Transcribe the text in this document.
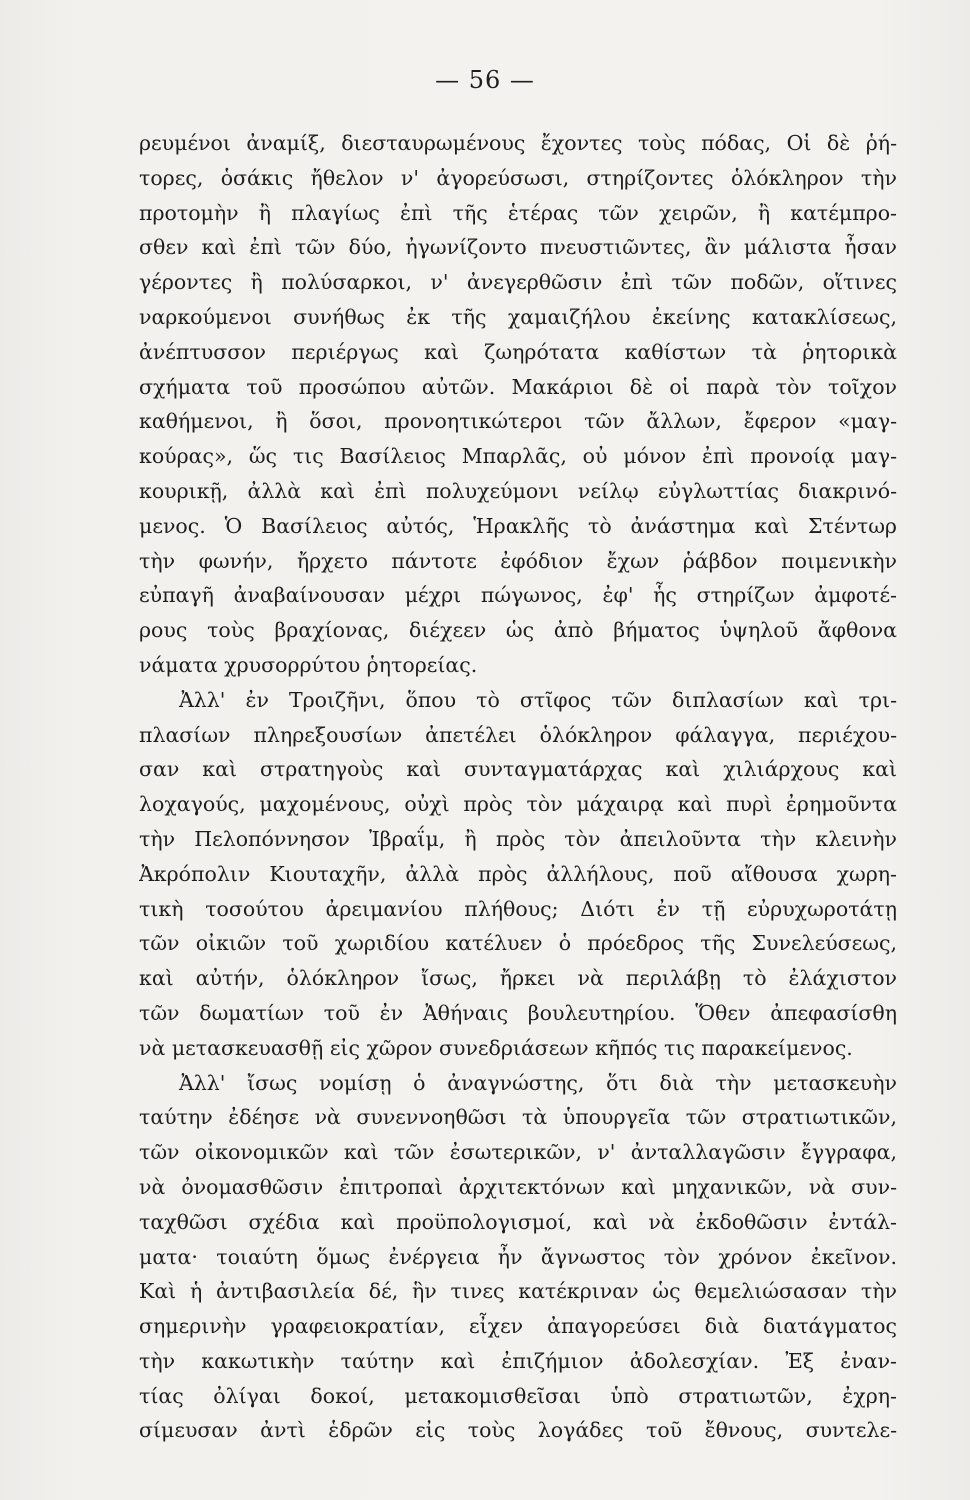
— 56 —
ρευμένοι ἀναμίξ, διεσταυρωμένους ἔχοντες τοὺς πόδας, Οἱ δὲ ῥή-
τορες, ὁσάκις ἤθελον ν' ἀγορεύσωσι, στηρίζοντες ὁλόκληρον τὴν
προτομὴν ἢ πλαγίως ἐπὶ τῆς ἑτέρας τῶν χειρῶν, ἢ κατέμπρο-
σθεν καὶ ἐπὶ τῶν δύο, ἠγωνίζοντο πνευστιῶντες, ἂν μάλιστα ἦσαν
γέροντες ἢ πολύσαρκοι, ν' ἀνεγερθῶσιν ἐπὶ τῶν ποδῶν, οἵτινες
ναρκούμενοι συνήθως ἐκ τῆς χαμαιζήλου ἐκείνης κατακλίσεως,
ἀνέπτυσσον περιέργως καὶ ζωηρότατα καθίστων τὰ ῥητορικὰ
σχήματα τοῦ προσώπου αὐτῶν. Μακάριοι δὲ οἱ παρὰ τὸν τοῖχον
καθήμενοι, ἢ ὅσοι, προνοητικώτεροι τῶν ἄλλων, ἔφερον «μαγ-
κούρας», ὥς τις Βασίλειος Μπαρλᾶς, οὐ μόνον ἐπὶ προνοίᾳ μαγ-
κουρικῇ, ἀλλὰ καὶ ἐπὶ πολυχεύμονι νείλῳ εὐγλωττίας διακρινό-
μενος. Ὁ Βασίλειος αὐτός, Ἡρακλῆς τὸ ἀνάστημα καὶ Στέντωρ
τὴν φωνήν, ἤρχετο πάντοτε ἐφόδιον ἔχων ῥάβδον ποιμενικὴν
εὐπαγῆ ἀναβαίνουσαν μέχρι πώγωνος, ἐφ' ἧς στηρίζων ἀμφοτέ-
ρους τοὺς βραχίονας, διέχεεν ὡς ἀπὸ βήματος ὑψηλοῦ ἄφθονα
νάματα χρυσορρύτου ῥητορείας.
Ἀλλ' ἐν Τροιζῆνι, ὅπου τὸ στῖφος τῶν διπλασίων καὶ τρι-
πλασίων πληρεξουσίων ἀπετέλει ὁλόκληρον φάλαγγα, περιέχου-
σαν καὶ στρατηγοὺς καὶ συνταγματάρχας καὶ χιλιάρχους καὶ
λοχαγούς, μαχομένους, οὐχὶ πρὸς τὸν μάχαιρᾳ καὶ πυρὶ ἐρημοῦντα
τὴν Πελοπόννησον Ἰβραΐμ, ἢ πρὸς τὸν ἀπειλοῦντα τὴν κλεινὴν
Ἀκρόπολιν Κιουταχῆν, ἀλλὰ πρὸς ἀλλήλους, ποῦ αἴθουσα χωρη-
τικὴ τοσούτου ἀρειμανίου πλήθους; Διότι ἐν τῇ εὐρυχωροτάτῃ
τῶν οἰκιῶν τοῦ χωριδίου κατέλυεν ὁ πρόεδρος τῆς Συνελεύσεως,
καὶ αὐτήν, ὁλόκληρον ἴσως, ἤρκει νὰ περιλάβῃ τὸ ἐλάχιστον
τῶν δωματίων τοῦ ἐν Ἀθήναις βουλευτηρίου. Ὅθεν ἀπεφασίσθη
νὰ μετασκευασθῇ εἰς χῶρον συνεδριάσεων κῆπός τις παρακείμενος.
Ἀλλ' ἴσως νομίσῃ ὁ ἀναγνώστης, ὅτι διὰ τὴν μετασκευὴν
ταύτην ἐδέησε νὰ συνεννοηθῶσι τὰ ὑπουργεῖα τῶν στρατιωτικῶν,
τῶν οἰκονομικῶν καὶ τῶν ἐσωτερικῶν, ν' ἀνταλλαγῶσιν ἔγγραφα,
νὰ ὀνομασθῶσιν ἐπιτροπαὶ ἀρχιτεκτόνων καὶ μηχανικῶν, νὰ συν-
ταχθῶσι σχέδια καὶ προϋπολογισμοί, καὶ νὰ ἐκδοθῶσιν ἐντάλ-
ματα· τοιαύτη ὅμως ἐνέργεια ἦν ἄγνωστος τὸν χρόνον ἐκεῖνον.
Καὶ ἡ ἀντιβασιλεία δέ, ἣν τινες κατέκριναν ὡς θεμελιώσασαν τὴν
σημερινὴν γραφειοκρατίαν, εἶχεν ἀπαγορεύσει διὰ διατάγματος
τὴν κακωτικὴν ταύτην καὶ ἐπιζήμιον ἀδολεσχίαν. Ἐξ ἐναν-
τίας ὀλίγαι δοκοί, μετακομισθεῖσαι ὑπὸ στρατιωτῶν, ἐχρη-
σίμευσαν ἀντὶ ἑδρῶν εἰς τοὺς λογάδες τοῦ ἔθνους, συντελε-
